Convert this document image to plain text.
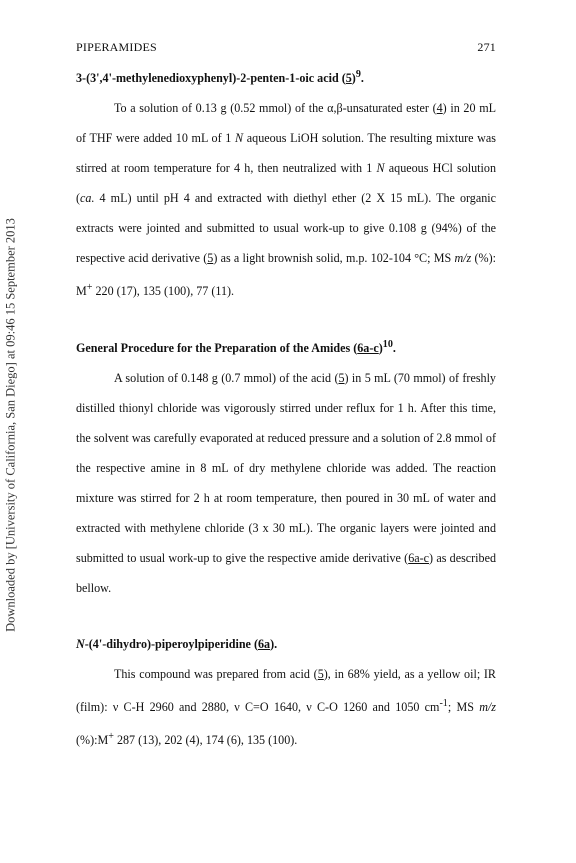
Downloaded by [University of California, San Diego] at 09:46 15 September 2013
PIPERAMIDES	271

3-(3',4'-methylenedioxyphenyl)-2-penten-1-oic acid $(5)^9$.

To a solution of 0.13 g (0.52 mmol) of the α,β-unsaturated ester (4) in 20 mL of THF were added 10 mL of 1 N aqueous LiOH solution. The resulting mixture was stirred at room temperature for 4 h, then neutralized with 1 N aqueous HCl solution (ca. 4 mL) until pH 4 and extracted with diethyl ether (2 X 15 mL). The organic extracts were jointed and submitted to usual work-up to give 0.108 g (94%) of the respective acid derivative (5) as a light brownish solid, m.p. 102-104 °C; MS m/z (%): M+ 220 (17), 135 (100), 77 (11).

General Procedure for the Preparation of the Amides $(6a-c)^{10}$.

A solution of 0.148 g (0.7 mmol) of the acid (5) in 5 mL (70 mmol) of freshly distilled thionyl chloride was vigorously stirred under reflux for 1 h. After this time, the solvent was carefully evaporated at reduced pressure and a solution of 2.8 mmol of the respective amine in 8 mL of dry methylene chloride was added. The reaction mixture was stirred for 2 h at room temperature, then poured in 30 mL of water and extracted with methylene chloride (3 x 30 mL). The organic layers were jointed and submitted to usual work-up to give the respective amide derivative (6a-c) as described bellow.

N-(4'-dihydro)-piperoylpiperidine (6a).

This compound was prepared from acid (5), in 68% yield, as a yellow oil; IR (film): ν C-H 2960 and 2880, ν C=O 1640, ν C-O 1260 and 1050 $cm^{-1}$; MS m/z (%):M+ 287 (13), 202 (4), 174 (6), 135 (100).
